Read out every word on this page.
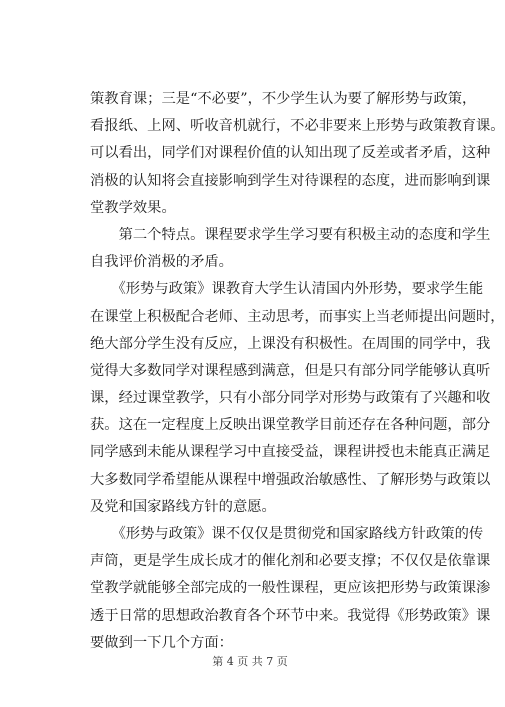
策教育课；三是“不必要”，不少学生认为要了解形势与政策，
看报纸、上网、听收音机就行，不必非要来上形势与政策教育课。
可以看出，同学们对课程价值的认知出现了反差或者矛盾，这种
消极的认知将会直接影响到学生对待课程的态度，进而影响到课
堂教学效果。
　　第二个特点。课程要求学生学习要有积极主动的态度和学生
自我评价消极的矛盾。
　　《形势与政策》课教育大学生认清国内外形势，要求学生能
在课堂上积极配合老师、主动思考，而事实上当老师提出问题时，
绝大部分学生没有反应，上课没有积极性。在周围的同学中，我
觉得大多数同学对课程感到满意，但是只有部分同学能够认真听
课，经过课堂教学，只有小部分同学对形势与政策有了兴趣和收
获。这在一定程度上反映出课堂教学目前还存在各种问题，部分
同学感到未能从课程学习中直接受益，课程讲授也未能真正满足
大多数同学希望能从课程中增强政治敏感性、了解形势与政策以
及党和国家路线方针的意愿。
　　《形势与政策》课不仅仅是贯彻党和国家路线方针政策的传
声筒，更是学生成长成才的催化剂和必要支撑；不仅仅是依靠课
堂教学就能够全部完成的一般性课程，更应该把形势与政策课渗
透于日常的思想政治教育各个环节中来。我觉得《形势政策》课
要做到一下几个方面：
第 4 页 共 7 页
